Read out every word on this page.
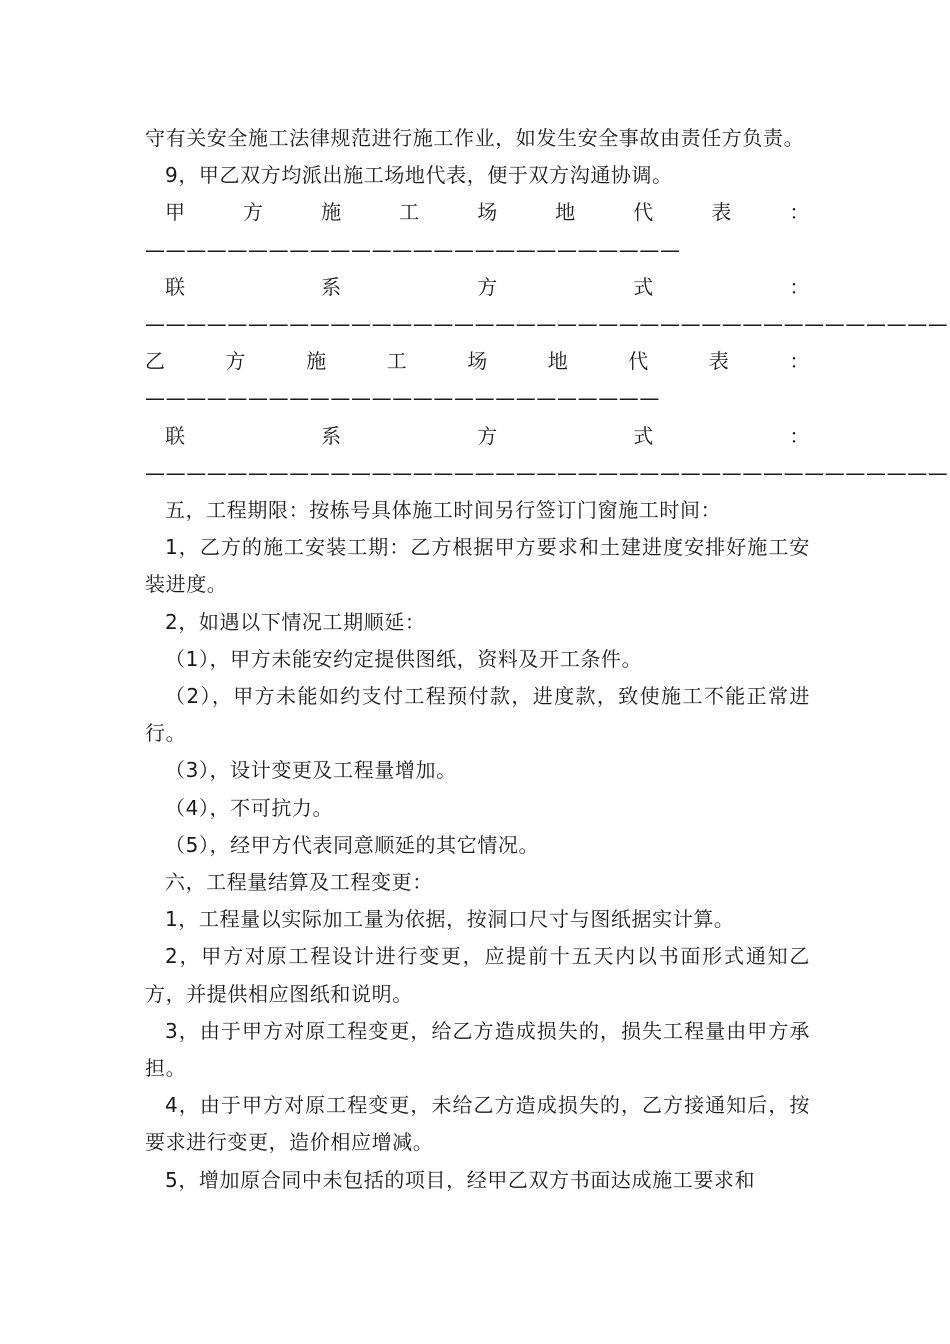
守有关安全施工法律规范进行施工作业，如发生安全事故由责任方负责。

9，甲乙双方均派出施工场地代表，便于双方沟通协调。

甲方施工场地代表：——————————————————————————

联系方式：——————————————————————————————————————— 乙方施工场地代表：—————————————————————————

联系方式：———————————————————————————————————————

五，工程期限：按栋号具体施工时间另行签订门窗施工时间：

1，乙方的施工安装工期：乙方根据甲方要求和土建进度安排好施工安装进度。

2，如遇以下情况工期顺延：

（1），甲方未能安约定提供图纸，资料及开工条件。

（2），甲方未能如约支付工程预付款，进度款，致使施工不能正常进行。

（3），设计变更及工程量增加。

（4），不可抗力。

（5），经甲方代表同意顺延的其它情况。

六，工程量结算及工程变更：

1，工程量以实际加工量为依据，按洞口尺寸与图纸据实计算。

2，甲方对原工程设计进行变更，应提前十五天内以书面形式通知乙方，并提供相应图纸和说明。

3，由于甲方对原工程变更，给乙方造成损失的，损失工程量由甲方承担。

4，由于甲方对原工程变更，未给乙方造成损失的，乙方接通知后，按要求进行变更，造价相应增减。

5，增加原合同中未包括的项目，经甲乙双方书面达成施工要求和
